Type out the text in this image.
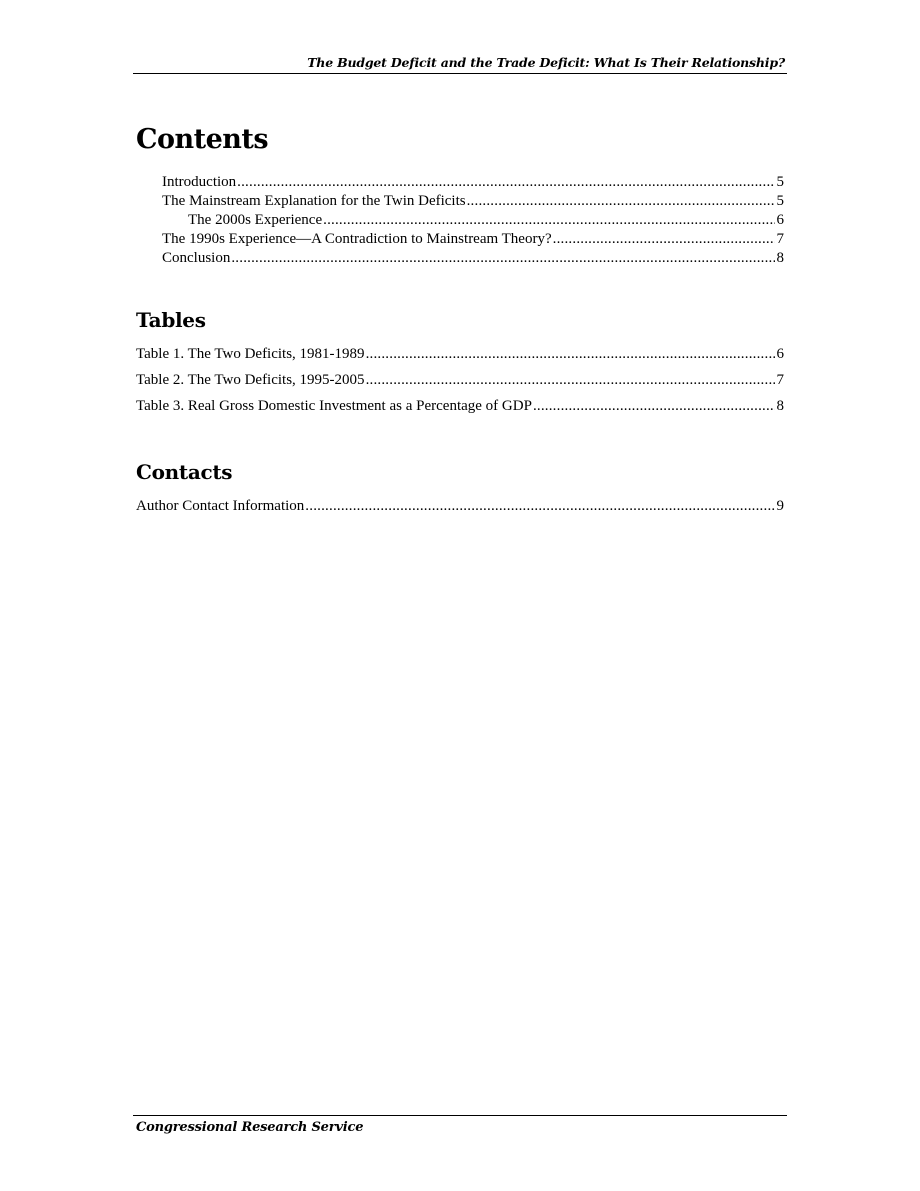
The Budget Deficit and the Trade Deficit: What Is Their Relationship?
Contents
Introduction .....	5
The Mainstream Explanation for the Twin Deficits .....	5
The 2000s Experience .....	6
The 1990s Experience—A Contradiction to Mainstream Theory? .....	7
Conclusion .....	8
Tables
Table 1. The Two Deficits, 1981-1989 .....	6
Table 2. The Two Deficits, 1995-2005 .....	7
Table 3. Real Gross Domestic Investment as a Percentage of GDP .....	8
Contacts
Author Contact Information .....	9
Congressional Research Service
